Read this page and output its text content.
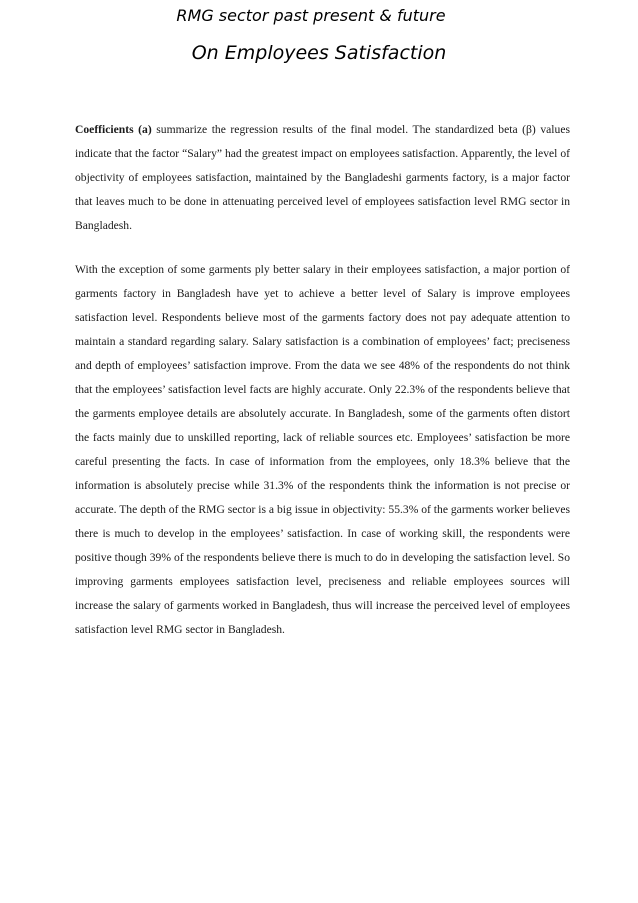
RMG sector past present & future
On Employees Satisfaction

Coefficients (a) summarize the regression results of the final model. The standardized beta (β) values indicate that the factor “Salary” had the greatest impact on employees satisfaction. Apparently, the level of objectivity of employees satisfaction, maintained by the Bangladeshi garments factory, is a major factor that leaves much to be done in attenuating perceived level of employees satisfaction level RMG sector in Bangladesh.

With the exception of some garments ply better salary in their employees satisfaction, a major portion of garments factory in Bangladesh have yet to achieve a better level of Salary is improve employees satisfaction level. Respondents believe most of the garments factory does not pay adequate attention to maintain a standard regarding salary. Salary satisfaction is a combination of employees’ fact; preciseness and depth of employees’ satisfaction improve. From the data we see 48% of the respondents do not think that the employees’ satisfaction level facts are highly accurate. Only 22.3% of the respondents believe that the garments employee details are absolutely accurate. In Bangladesh, some of the garments often distort the facts mainly due to unskilled reporting, lack of reliable sources etc. Employees’ satisfaction be more careful presenting the facts. In case of information from the employees, only 18.3% believe that the information is absolutely precise while 31.3% of the respondents think the information is not precise or accurate. The depth of the RMG sector is a big issue in objectivity: 55.3% of the garments worker believes there is much to develop in the employees’ satisfaction. In case of working skill, the respondents were positive though 39% of the respondents believe there is much to do in developing the satisfaction level. So improving garments employees satisfaction level, preciseness and reliable employees sources will increase the salary of garments worked in Bangladesh, thus will increase the perceived level of employees satisfaction level RMG sector in Bangladesh.
